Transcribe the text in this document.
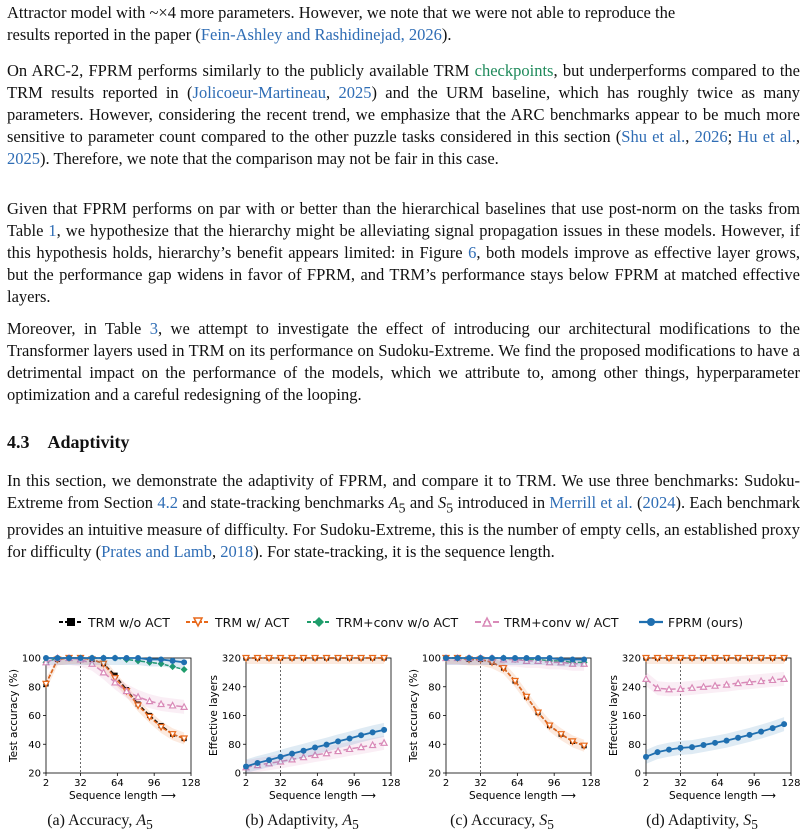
Attractor model with ~×4 more parameters. However, we note that we were not able to reproduce the
results reported in the paper (Fein-Ashley and Rashidinejad, 2026).

On ARC-2, FPRM performs similarly to the publicly available TRM checkpoints, but underperforms compared to the TRM results reported in (Jolicoeur-Martineau, 2025) and the URM baseline, which has roughly twice as many parameters. However, considering the recent trend, we emphasize that the ARC benchmarks appear to be much more sensitive to parameter count compared to the other puzzle tasks considered in this section (Shu et al., 2026; Hu et al., 2025). Therefore, we note that the comparison may not be fair in this case.

Given that FPRM performs on par with or better than the hierarchical baselines that use post-norm on the tasks from Table 1, we hypothesize that the hierarchy might be alleviating signal propagation issues in these models. However, if this hypothesis holds, hierarchy’s benefit appears limited: in Figure 6, both models improve as effective layer grows, but the performance gap widens in favor of FPRM, and TRM’s performance stays below FPRM at matched effective layers.

Moreover, in Table 3, we attempt to investigate the effect of introducing our architectural modifications to the Transformer layers used in TRM on its performance on Sudoku-Extreme. We find the proposed modifications to have a detrimental impact on the performance of the models, which we attribute to, among other things, hyperparameter optimization and a careful redesigning of the looping.

4.3 Adaptivity

In this section, we demonstrate the adaptivity of FPRM, and compare it to TRM. We use three benchmarks: Sudoku-Extreme from Section 4.2 and state-tracking benchmarks $A_5$ and $S_5$ introduced in Merrill et al. (2024). Each benchmark provides an intuitive measure of difficulty. For Sudoku-Extreme, this is the number of empty cells, an established proxy for difficulty (Prates and Lamb, 2018). For state-tracking, it is the sequence length.

TRM w/o ACT	TRM w/ ACT	TRM+conv w/o ACT	TRM+conv w/ ACT	FPRM (ours)
20
40
60
80
100
2 32 64 96 128
Sequence length ⟶
Test accuracy (%)
0
80
160
240
320
2 32 64 96 128
Sequence length ⟶
Effective layers
20
40
60
80
100
2 32 64 96 128
Sequence length ⟶
Test accuracy (%)
0
80
160
240
320
2 32 64 96 128
Sequence length ⟶
Effective layers
(a) Accuracy, $A_5$	(b) Adaptivity, $A_5$	(c) Accuracy, $S_5$	(d) Adaptivity, $S_5$
